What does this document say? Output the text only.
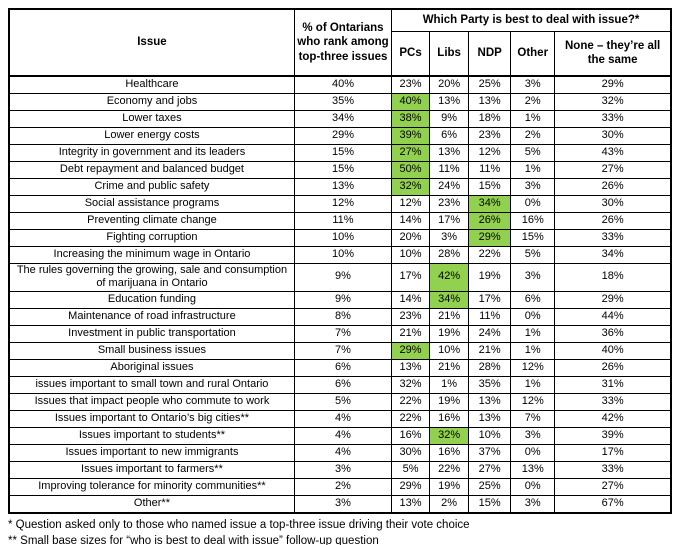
Issue	% of Ontarians who rank among top-three issues	Which Party is best to deal with issue?*				
		PCs	Libs	NDP	Other	None – they’re all the same
Healthcare	40%	23%	20%	25%	3%	29%
Economy and jobs	35%	40%	13%	13%	2%	32%
Lower taxes	34%	38%	9%	18%	1%	33%
Lower energy costs	29%	39%	6%	23%	2%	30%
Integrity in government and its leaders	15%	27%	13%	12%	5%	43%
Debt repayment and balanced budget	15%	50%	11%	11%	1%	27%
Crime and public safety	13%	32%	24%	15%	3%	26%
Social assistance programs	12%	12%	23%	34%	0%	30%
Preventing climate change	11%	14%	17%	26%	16%	26%
Fighting corruption	10%	20%	3%	29%	15%	33%
Increasing the minimum wage in Ontario	10%	10%	28%	22%	5%	34%
The rules governing the growing, sale and consumption of marijuana in Ontario	9%	17%	42%	19%	3%	18%
Education funding	9%	14%	34%	17%	6%	29%
Maintenance of road infrastructure	8%	23%	21%	11%	0%	44%
Investment in public transportation	7%	21%	19%	24%	1%	36%
Small business issues	7%	29%	10%	21%	1%	40%
Aboriginal issues	6%	13%	21%	28%	12%	26%
issues important to small town and rural Ontario	6%	32%	1%	35%	1%	31%
Issues that impact people who commute to work	5%	22%	19%	13%	12%	33%
Issues important to Ontario’s big cities**	4%	22%	16%	13%	7%	42%
Issues important to students**	4%	16%	32%	10%	3%	39%
Issues important to new immigrants	4%	30%	16%	37%	0%	17%
Issues important to farmers**	3%	5%	22%	27%	13%	33%
Improving tolerance for minority communities**	2%	29%	19%	25%	0%	27%
Other**	3%	13%	2%	15%	3%	67%

* Question asked only to those who named issue a top-three issue driving their vote choice

** Small base sizes for “who is best to deal with issue” follow-up question
